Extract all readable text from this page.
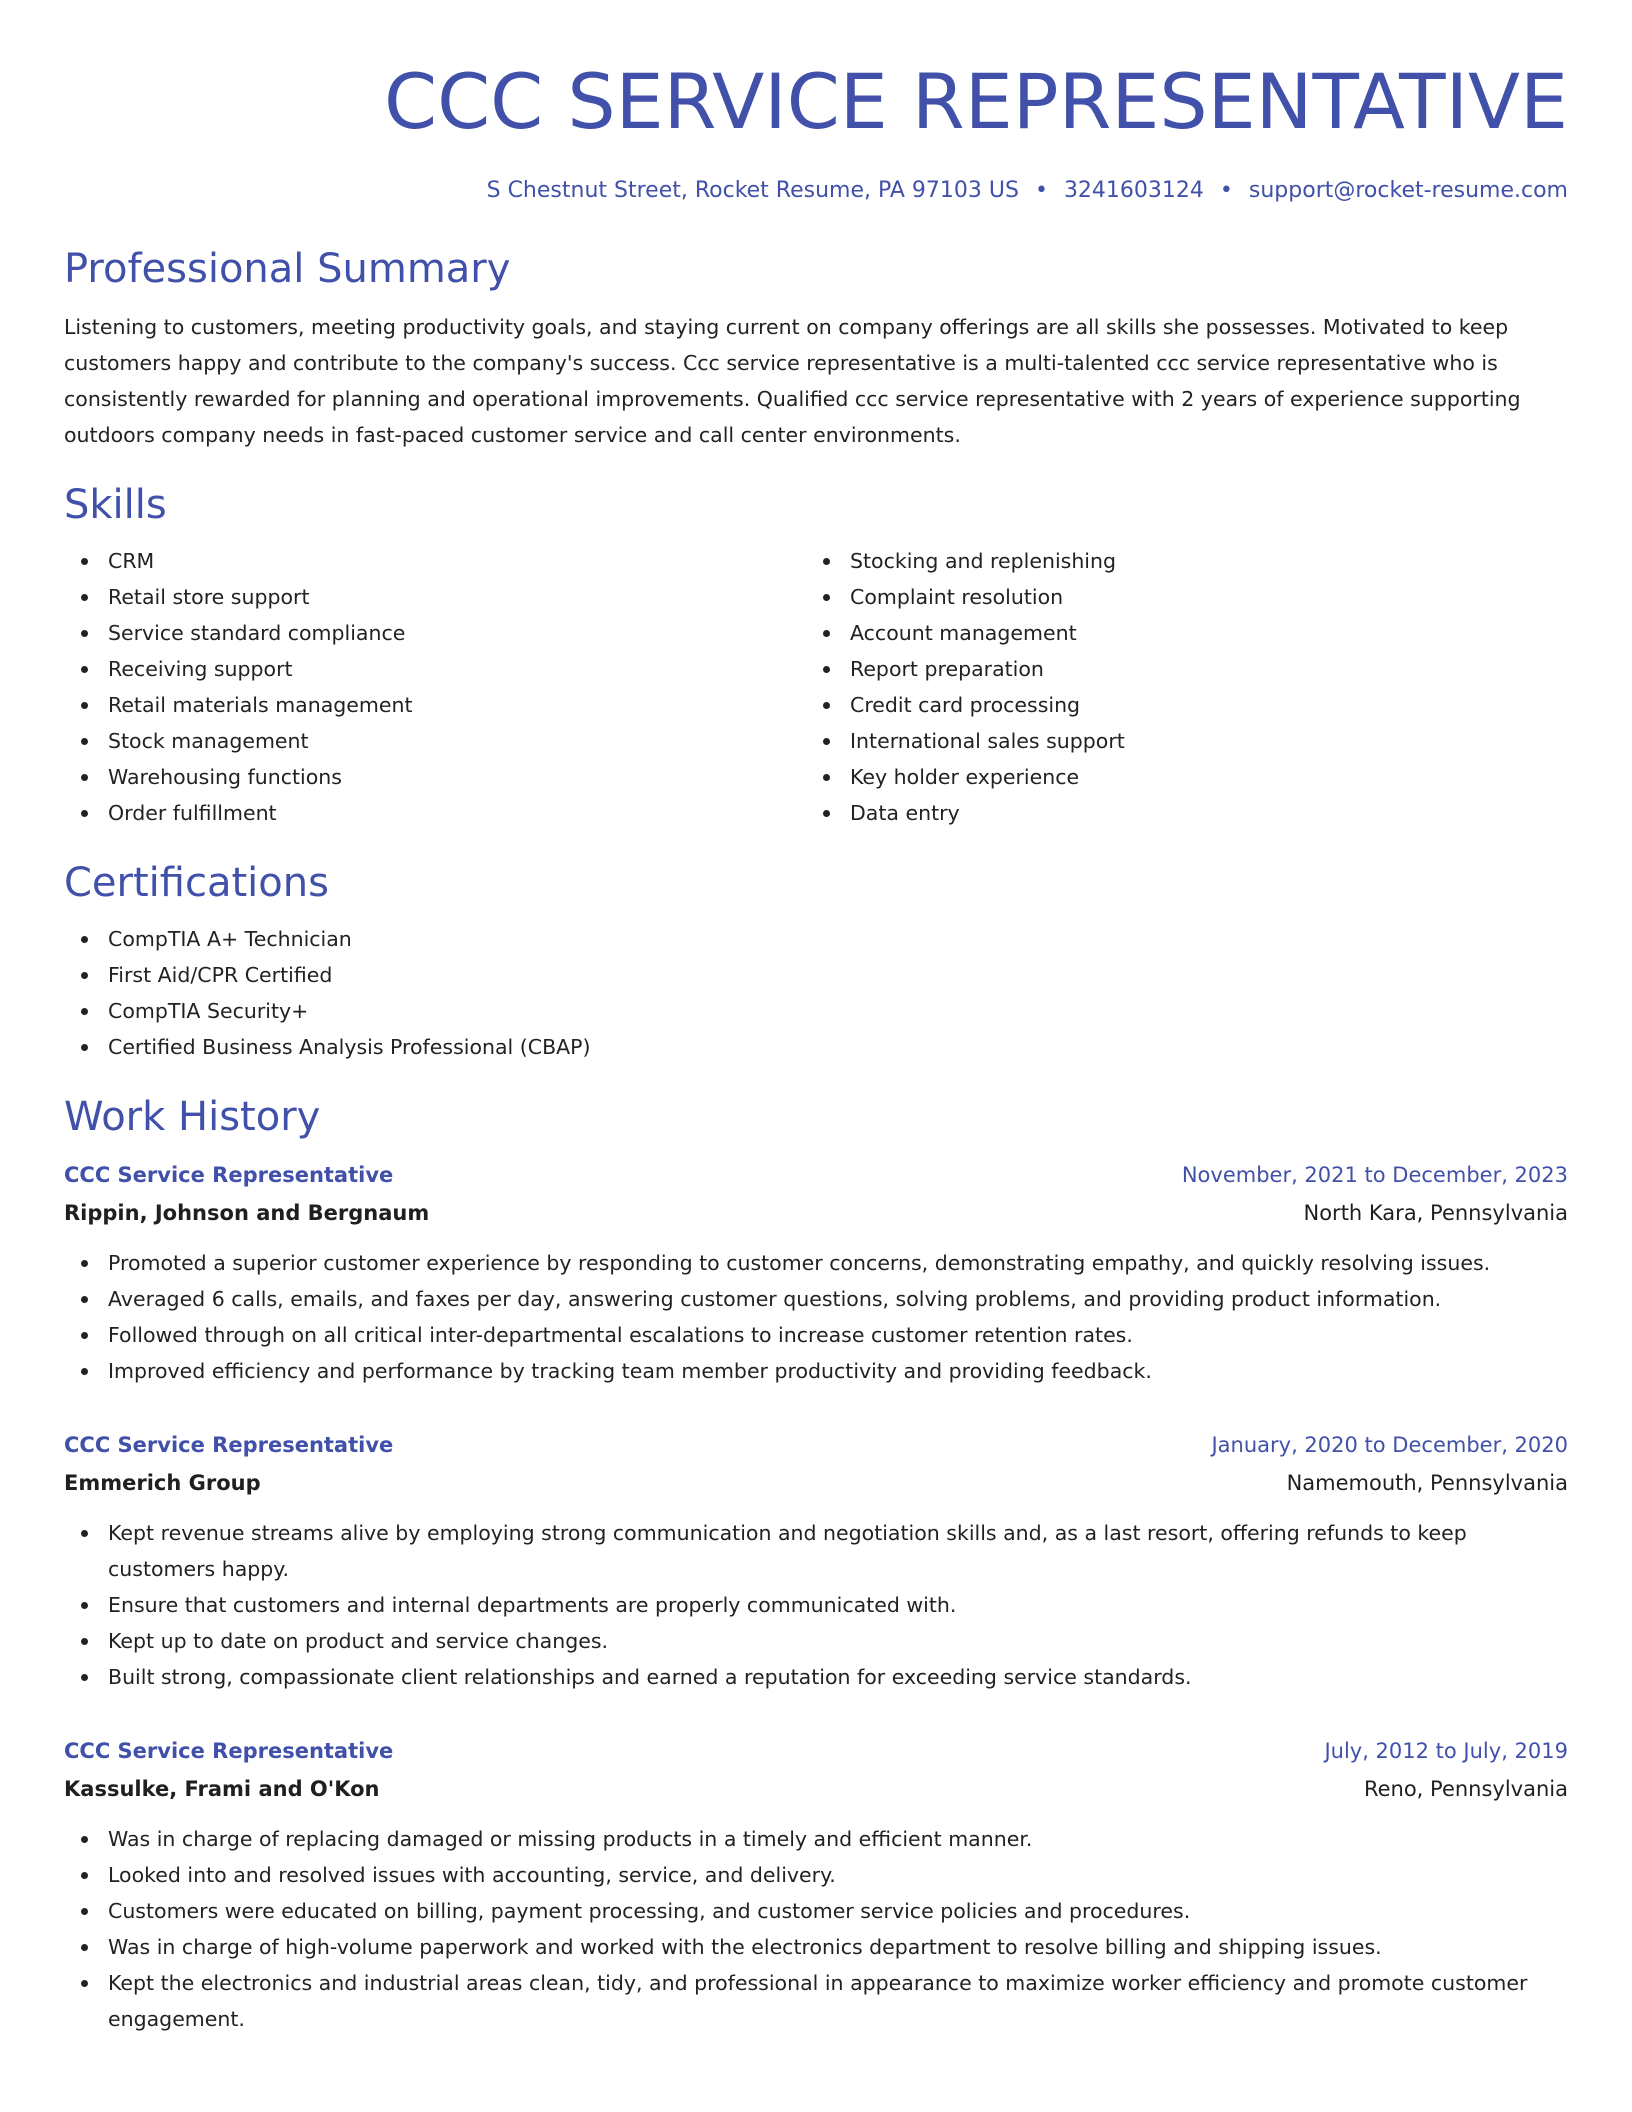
CCC SERVICE REPRESENTATIVE
S Chestnut Street, Rocket Resume, PA 97103 US • 3241603124 • support@rocket-resume.com
Professional Summary

Listening to customers, meeting productivity goals, and staying current on company offerings are all skills she possesses. Motivated to keep customers happy and contribute to the company's success. Ccc service representative is a multi-talented ccc service representative who is consistently rewarded for planning and operational improvements. Qualified ccc service representative with 2 years of experience supporting outdoors company needs in fast-paced customer service and call center environments.

Skills
CRM
Retail store support
Service standard compliance
Receiving support
Retail materials management
Stock management
Warehousing functions
Order fulfillment
Stocking and replenishing
Complaint resolution
Account management
Report preparation
Credit card processing
International sales support
Key holder experience
Data entry
Certifications
CompTIA A+ Technician
First Aid/CPR Certified
CompTIA Security+
Certified Business Analysis Professional (CBAP)
Work History
CCC Service Representative	November, 2021 to December, 2023
Rippin, Johnson and Bergnaum	North Kara, Pennsylvania
Promoted a superior customer experience by responding to customer concerns, demonstrating empathy, and quickly resolving issues.
Averaged 6 calls, emails, and faxes per day, answering customer questions, solving problems, and providing product information.
Followed through on all critical inter-departmental escalations to increase customer retention rates.
Improved efficiency and performance by tracking team member productivity and providing feedback.
CCC Service Representative	January, 2020 to December, 2020
Emmerich Group	Namemouth, Pennsylvania
Kept revenue streams alive by employing strong communication and negotiation skills and, as a last resort, offering refunds to keep customers happy.
Ensure that customers and internal departments are properly communicated with.
Kept up to date on product and service changes.
Built strong, compassionate client relationships and earned a reputation for exceeding service standards.
CCC Service Representative	July, 2012 to July, 2019
Kassulke, Frami and O'Kon	Reno, Pennsylvania
Was in charge of replacing damaged or missing products in a timely and efficient manner.
Looked into and resolved issues with accounting, service, and delivery.
Customers were educated on billing, payment processing, and customer service policies and procedures.
Was in charge of high-volume paperwork and worked with the electronics department to resolve billing and shipping issues.
Kept the electronics and industrial areas clean, tidy, and professional in appearance to maximize worker efficiency and promote customer engagement.
